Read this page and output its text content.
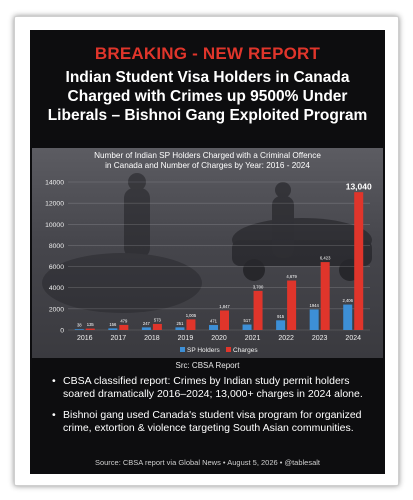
BREAKING - NEW REPORT
Indian Student Visa Holders in Canada Charged with Crimes up 9500% Under Liberals – Bishnoi Gang Exploited Program
Number of Indian SP Holders Charged with a Criminal Offence
in Canada and Number of Charges by Year: 2016 - 2024
0
2000
4000
6000
8000
10000
12000
14000
38 135
2016
156
479
2017
247
573
2018
251
1,005
2019
471
1,847
2020
517
3,700
2021
915
4,679
2022
1944
6,423
2023
2,406
13,040
2024
SP Holders Charges
Src: CBSA Report
• CBSA classified report: Crimes by Indian study permit holders soared dramatically 2016–2024; 13,000+ charges in 2024 alone.
• Bishnoi gang used Canada's student visa program for organized crime, extortion & violence targeting South Asian communities.
Source: CBSA report via Global News • August 5, 2026 • @tablesalt
